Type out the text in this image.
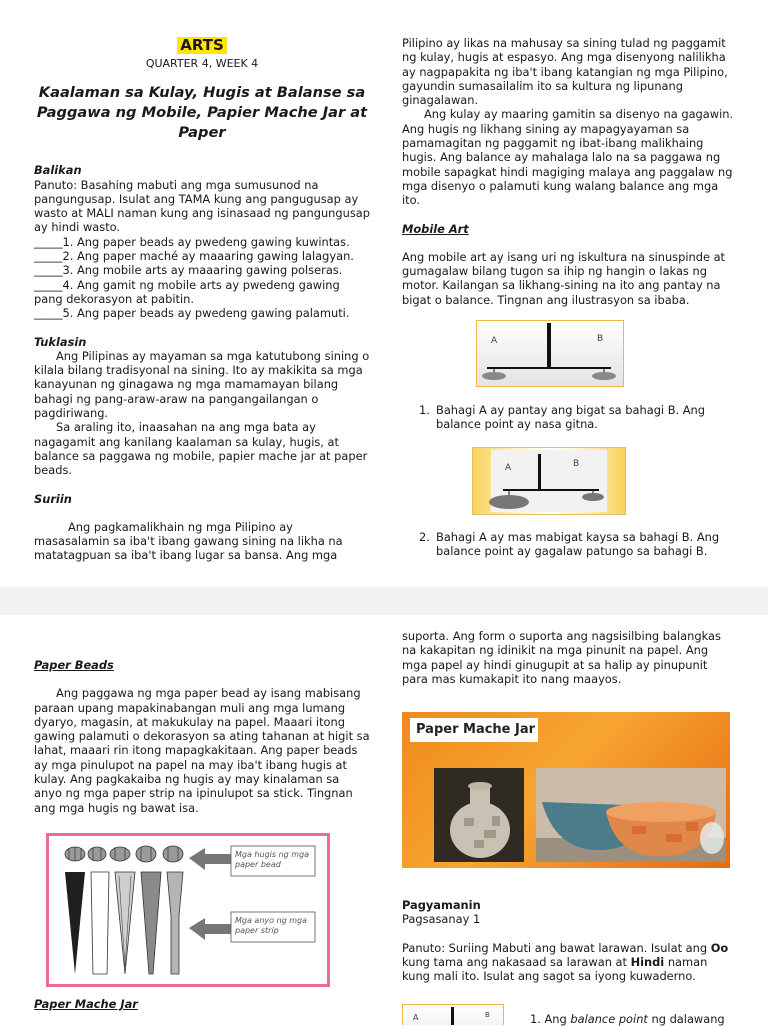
ARTS

QUARTER 4, WEEK 4

Kaalaman sa Kulay, Hugis at Balanse sa Paggawa ng Mobile, Papier Mache Jar at Paper

Balikan

Panuto: Basahing mabuti ang mga sumusunod na pangungusap. Isulat ang TAMA kung ang pangugusap ay wasto at MALI naman kung ang isinasaad ng pangungusap ay hindi wasto.

_____1. Ang paper beads ay pwedeng gawing kuwintas.

_____2. Ang paper maché ay maaaring gawing lalagyan.

_____3. Ang mobile arts ay maaaring gawing polseras.

_____4. Ang gamit ng mobile arts ay pwedeng gawing pang dekorasyon at pabitin.

_____5. Ang paper beads ay pwedeng gawing palamuti.

Tuklasin

Ang Pilipinas ay mayaman sa mga katutubong sining o kilala bilang tradisyonal na sining. Ito ay makikita sa mga kanayunan ng ginagawa ng mga mamamayan bilang bahagi ng pang-araw-araw na pangangailangan o pagdiriwang.

Sa araling ito, inaasahan na ang mga bata ay nagagamit ang kanilang kaalaman sa kulay, hugis, at balance sa paggawa ng mobile, papier mache jar at paper beads.

Suriin

Ang pagkamalikhain ng mga Pilipino ay masasalamin sa iba't ibang gawang sining na likha na matatagpuan sa iba't ibang lugar sa bansa. Ang mga

Pilipino ay likas na mahusay sa sining tulad ng paggamit ng kulay, hugis at espasyo. Ang mga disenyong nalilikha ay nagpapakita ng iba't ibang katangian ng mga Pilipino, gayundin sumasailalim ito sa kultura ng lipunang ginagalawan.

Ang kulay ay maaring gamitin sa disenyo na gagawin. Ang hugis ng likhang sining ay mapagyayaman sa pamamagitan ng paggamit ng ibat-ibang malikhaing hugis. Ang balance ay mahalaga lalo na sa paggawa ng mobile sapagkat hindi magiging malaya ang paggalaw ng mga disenyo o palamuti kung walang balance ang mga ito.

Mobile Art

Ang mobile art ay isang uri ng iskultura na sinuspinde at gumagalaw bilang tugon sa ihip ng hangin o lakas ng motor. Kailangan sa likhang-sining na ito ang pantay na bigat o balance. Tingnan ang ilustrasyon sa ibaba.

A	B
1. Bahagi A ay pantay ang bigat sa bahagi B. Ang balance point ay nasa gitna.
A	B
2. Bahagi A ay mas mabigat kaysa sa bahagi B. Ang balance point ay gagalaw patungo sa bahagi B.

Paper Beads

Ang paggawa ng mga paper bead ay isang mabisang paraan upang mapakinabangan muli ang mga lumang dyaryo, magasin, at makukulay na papel. Maaari itong gawing palamuti o dekorasyon sa ating tahanan at higit sa lahat, maaari rin itong mapagkakitaan. Ang paper beads ay mga pinulupot na papel na may iba't ibang hugis at kulay. Ang pagkakaiba ng hugis ay may kinalaman sa anyo ng mga paper strip na ipinulupot sa stick. Tingnan ang mga hugis ng bawat isa.

Mga hugis ng mga paper bead
Mga anyo ng mga paper strip

Paper Mache Jar

suporta. Ang form o suporta ang nagsisilbing balangkas na kakapitan ng idinikit na mga pinunit na papel. Ang mga papel ay hindi ginugupit at sa halip ay pinupunit para mas kumakapit ito nang maayos.

Paper Mache Jar

Pagyamanin

Pagsasanay 1

Panuto: Suriing Mabuti ang bawat larawan. Isulat ang Oo kung tama ang nakasaad sa larawan at Hindi naman kung mali ito. Isulat ang sagot sa iyong kuwaderno.

A	B	1. Ang balance point ng dalawang
